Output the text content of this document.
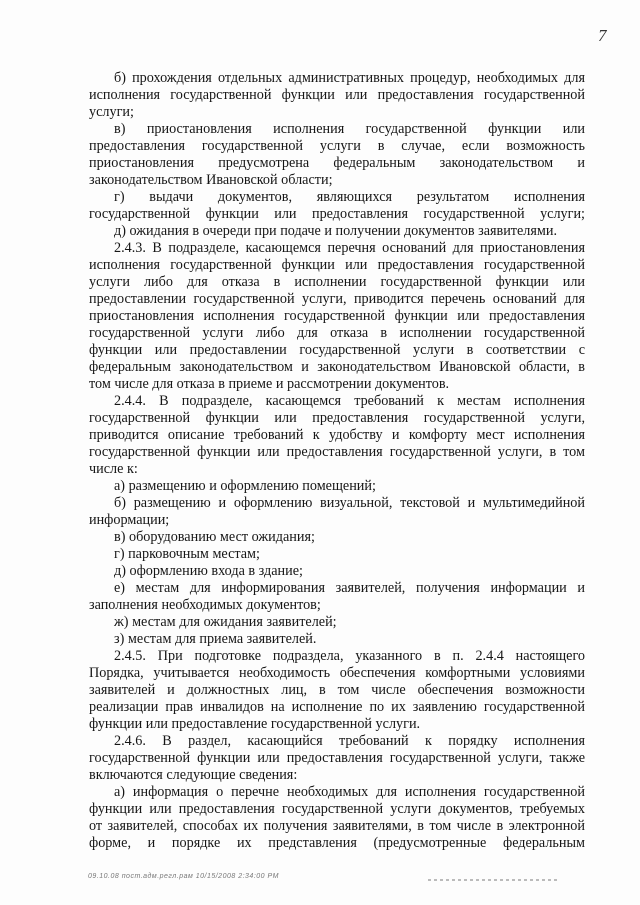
7
б) прохождения отдельных административных процедур, необходимых для
исполнения государственной функции или предоставления государственной
услуги;
в) приостановления исполнения государственной функции или
предоставления государственной услуги в случае, если возможность
приостановления предусмотрена федеральным законодательством и
законодательством Ивановской области;
г) выдачи документов, являющихся результатом исполнения
государственной функции или предоставления государственной услуги;
д) ожидания в очереди при подаче и получении документов заявителями.
2.4.3. В подразделе, касающемся перечня оснований для приостановления
исполнения государственной функции или предоставления государственной
услуги либо для отказа в исполнении государственной функции или
предоставлении государственной услуги, приводится перечень оснований для
приостановления исполнения государственной функции или предоставления
государственной услуги либо для отказа в исполнении государственной
функции или предоставлении государственной услуги в соответствии с
федеральным законодательством и законодательством Ивановской области, в
том числе для отказа в приеме и рассмотрении документов.
2.4.4. В подразделе, касающемся требований к местам исполнения
государственной функции или предоставления государственной услуги,
приводится описание требований к удобству и комфорту мест исполнения
государственной функции или предоставления государственной услуги, в том
числе к:
а) размещению и оформлению помещений;
б) размещению и оформлению визуальной, текстовой и мультимедийной
информации;
в) оборудованию мест ожидания;
г) парковочным местам;
д) оформлению входа в здание;
е) местам для информирования заявителей, получения информации и
заполнения необходимых документов;
ж) местам для ожидания заявителей;
з) местам для приема заявителей.
2.4.5. При подготовке подраздела, указанного в п. 2.4.4 настоящего
Порядка, учитывается необходимость обеспечения комфортными условиями
заявителей и должностных лиц, в том числе обеспечения возможности
реализации прав инвалидов на исполнение по их заявлению государственной
функции или предоставление государственной услуги.
2.4.6. В раздел, касающийся требований к порядку исполнения
государственной функции или предоставления государственной услуги, также
включаются следующие сведения:
а) информация о перечне необходимых для исполнения государственной
функции или предоставления государственной услуги документов, требуемых
от заявителей, способах их получения заявителями, в том числе в электронной
форме, и порядке их представления (предусмотренные федеральным
09.10.08 пост.адм.регл.рам 10/15/2008 2:34:00 PM
